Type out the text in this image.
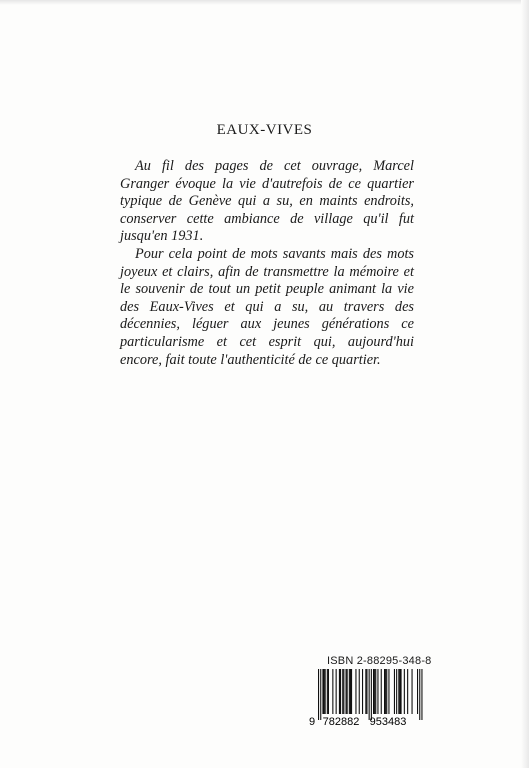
EAUX-VIVES

Au fil des pages de cet ouvrage, Marcel Granger évoque la vie d'autrefois de ce quartier typique de Genève qui a su, en maints endroits, conserver cette ambiance de village qu'il fut jusqu'en 1931.

Pour cela point de mots savants mais des mots joyeux et clairs, afin de transmettre la mémoire et le souvenir de tout un petit peuple animant la vie des Eaux-Vives et qui a su, au travers des décennies, léguer aux jeunes générations ce particularisme et cet esprit qui, aujourd'hui encore, fait toute l'authenticité de ce quartier.

ISBN 2-88295-348-8
9 782882 953483
